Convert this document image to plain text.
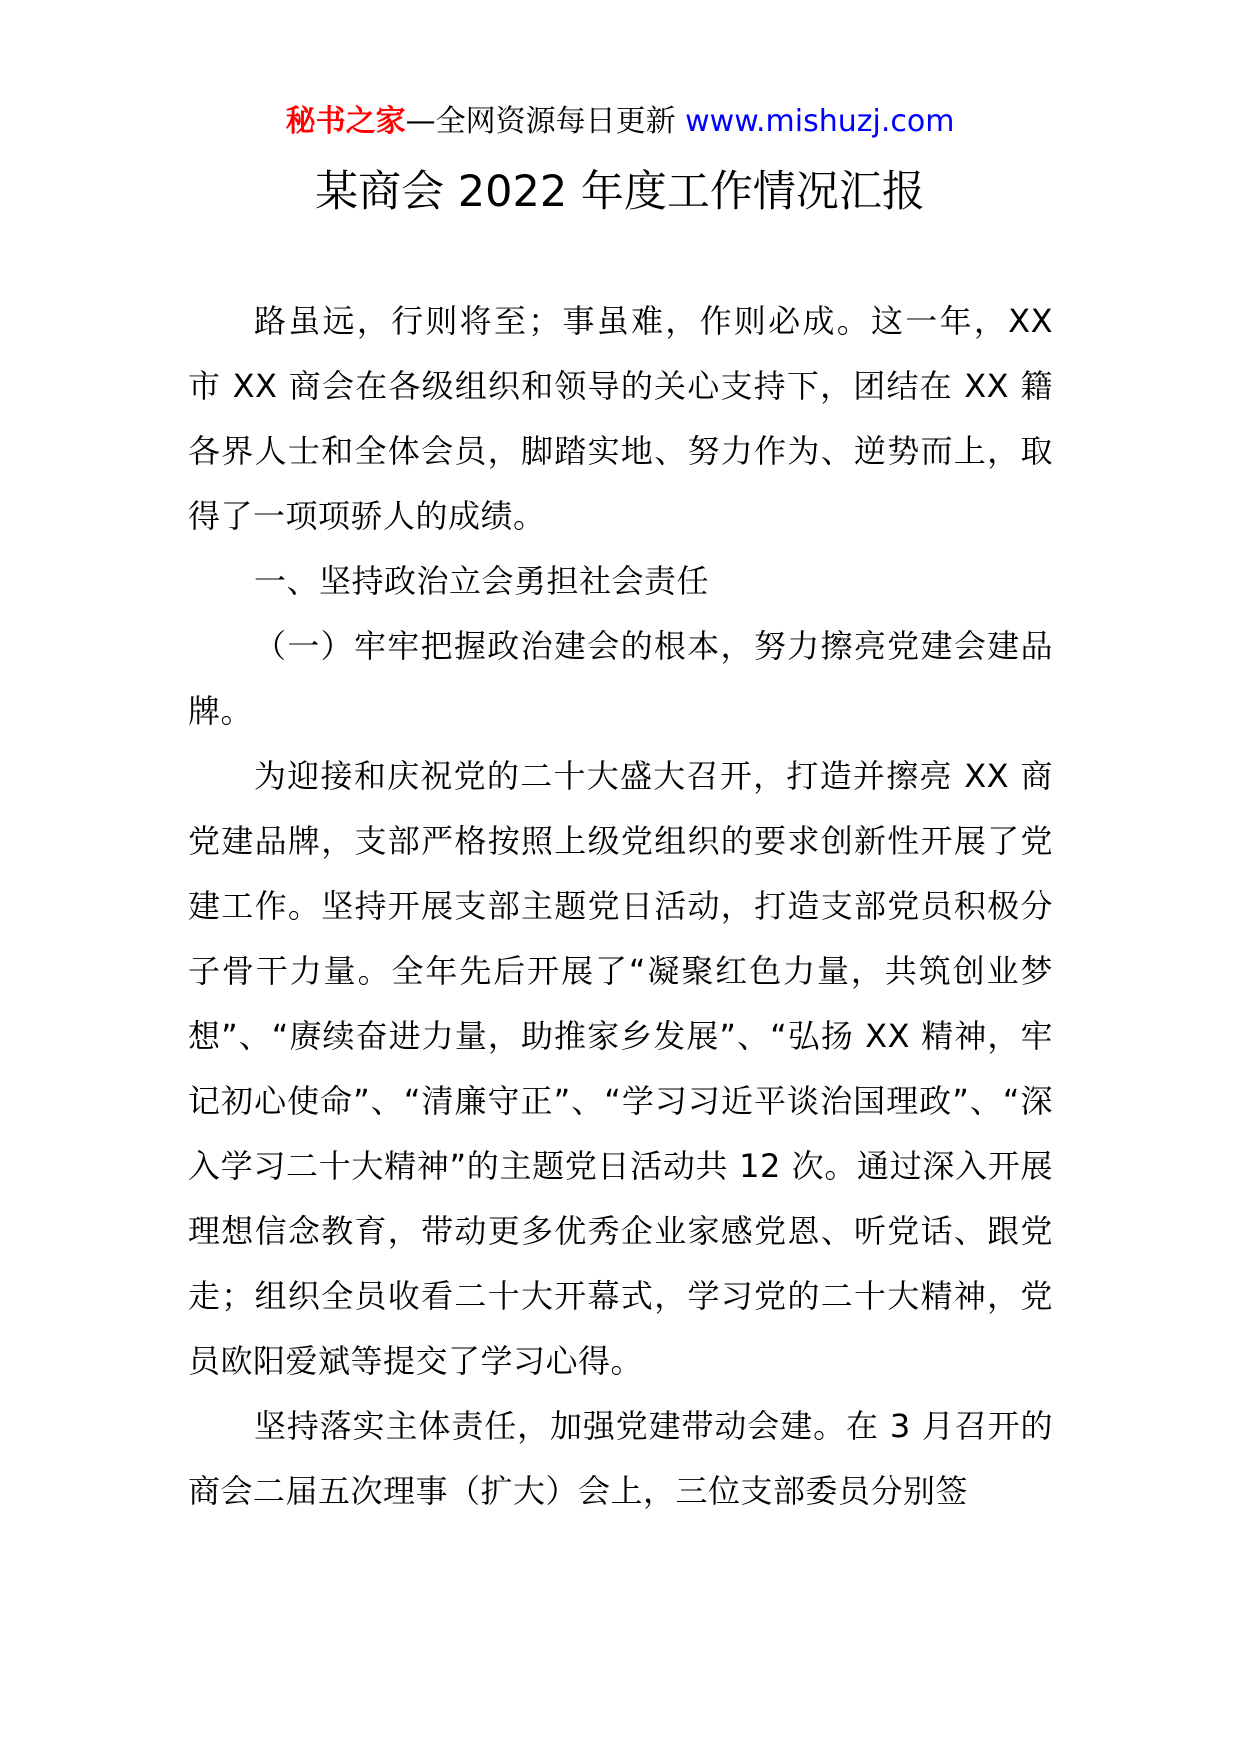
秘书之家—全网资源每日更新 www.mishuzj.com
某商会 2022 年度工作情况汇报

路虽远，行则将至；事虽难，作则必成。这一年，XX 市 XX 商会在各级组织和领导的关心支持下，团结在 XX 籍各界人士和全体会员，脚踏实地、努力作为、逆势而上，取得了一项项骄人的成绩。

一、坚持政治立会勇担社会责任

（一）牢牢把握政治建会的根本，努力擦亮党建会建品牌。

为迎接和庆祝党的二十大盛大召开，打造并擦亮 XX 商党建品牌，支部严格按照上级党组织的要求创新性开展了党建工作。坚持开展支部主题党日活动，打造支部党员积极分子骨干力量。全年先后开展了“凝聚红色力量，共筑创业梦想”、“赓续奋进力量，助推家乡发展”、“弘扬 XX 精神，牢记初心使命”、“清廉守正”、“学习习近平谈治国理政”、“深入学习二十大精神”的主题党日活动共 12 次。通过深入开展理想信念教育，带动更多优秀企业家感党恩、听党话、跟党走；组织全员收看二十大开幕式，学习党的二十大精神，党员欧阳爱斌等提交了学习心得。

坚持落实主体责任，加强党建带动会建。在 3 月召开的商会二届五次理事（扩大）会上，三位支部委员分别签
